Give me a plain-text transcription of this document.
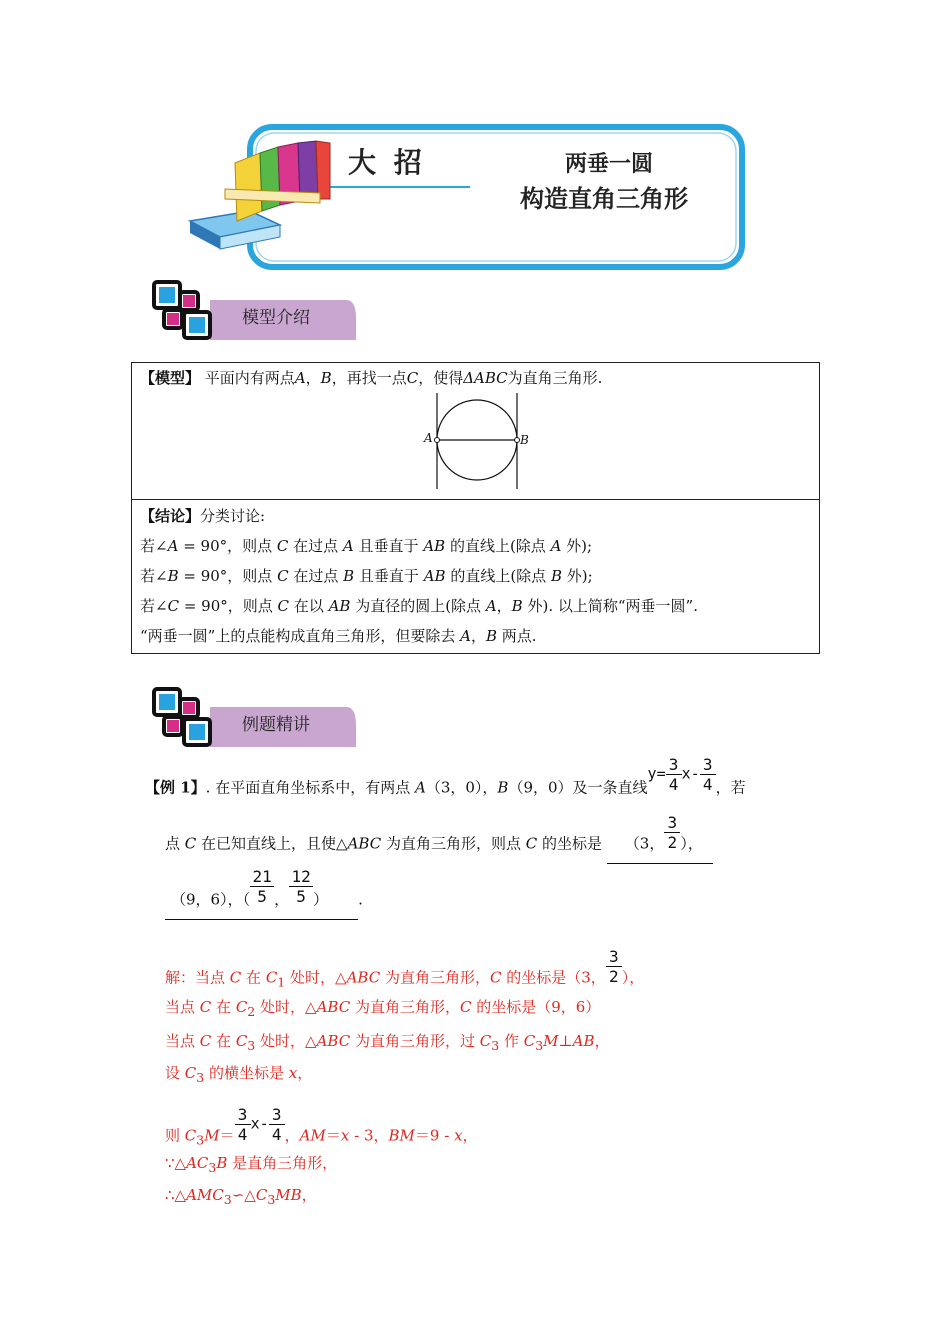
大 招	两垂一圆
构造直角三角形
模型介绍
【模型】 平面内有两点A，B，再找一点C，使得ΔABC为直角三角形.
A	B
【结论】分类讨论:
若∠A = 90°，则点 C 在过点 A 且垂直于 AB 的直线上(除点 A 外);
若∠B = 90°，则点 C 在过点 B 且垂直于 AB 的直线上(除点 B 外);
若∠C = 90°，则点 C 在以 AB 为直径的圆上(除点 A，B 外). 以上简称“两垂一圆”.
“两垂一圆”上的点能构成直角三角形，但要除去 A，B 两点.
例题精讲
【例 1】. 在平面直角坐标系中，有两点 A（3，0），B（9，0）及一条直线$y= \frac{3}{4} x- \frac{3}{4}$ ，若
点 C 在已知直线上，且使△ABC 为直角三角形，则点 C 的坐标是 （3， $\frac{3}{2}$ ），
（9，6），（ $\frac{21}{5}$ ， $\frac{12}{5}$ ） .
解：当点 C 在 $C_1$ 处时，△ABC 为直角三角形，C 的坐标是（3， $\frac{3}{2}$ ），
当点 C 在 $C_2$ 处时，△ABC 为直角三角形，C 的坐标是（9，6）
当点 C 在 $C_3$ 处时，△ABC 为直角三角形，过 $C_3$ 作 $C_3M\perp AB$，
设 $C_3$ 的横坐标是 x，
则 $C_3M= \frac{3}{4} x- \frac{3}{4}$ ，AM＝x - 3，BM＝9 - x，
$\because\triangle AC_3B$ 是直角三角形，
$\therefore\triangle AMC_3∽\triangle C_3MB$，
